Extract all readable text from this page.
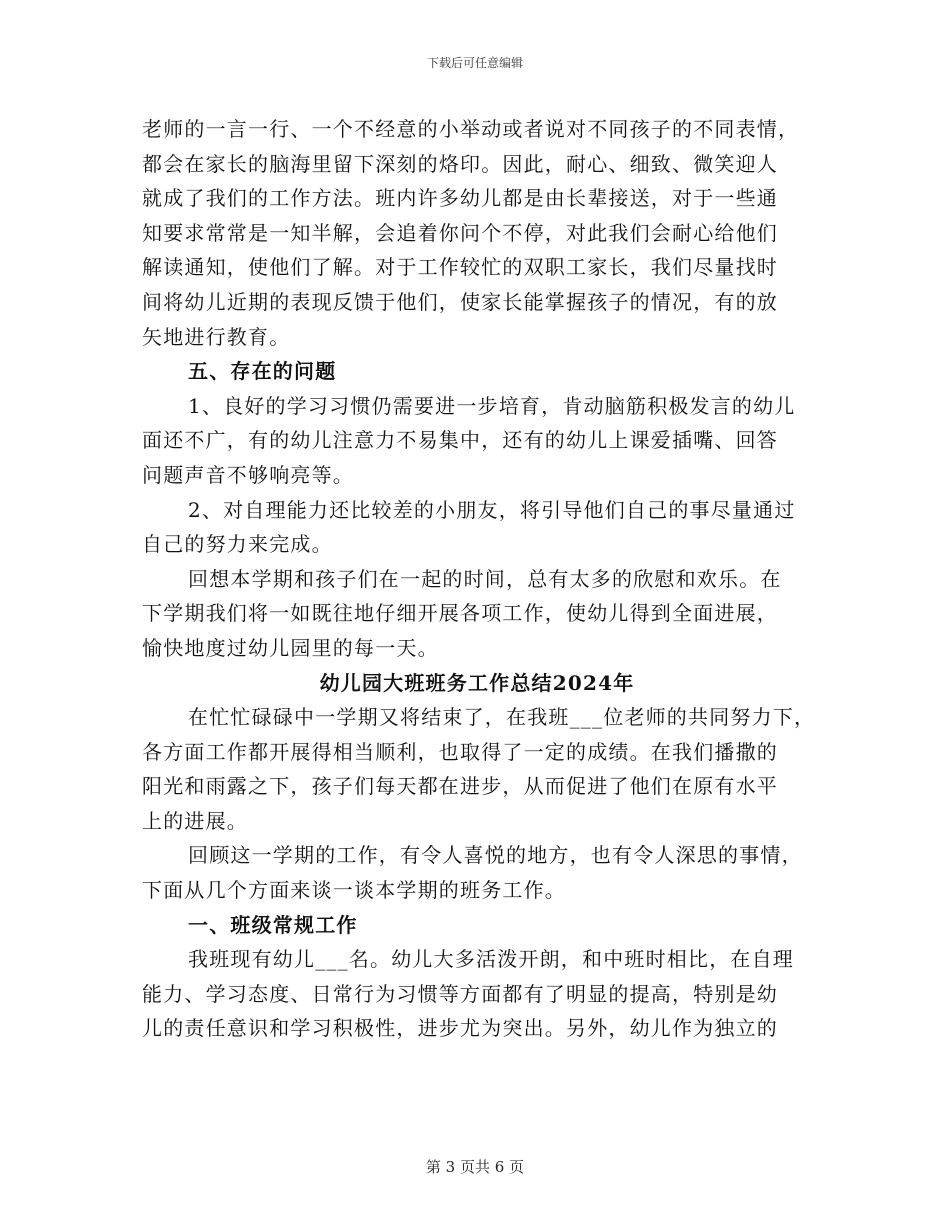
下载后可任意编辑
老师的一言一行、一个不经意的小举动或者说对不同孩子的不同表情，
都会在家长的脑海里留下深刻的烙印。因此，耐心、细致、微笑迎人
就成了我们的工作方法。班内许多幼儿都是由长辈接送，对于一些通
知要求常常是一知半解，会追着你问个不停，对此我们会耐心给他们
解读通知，使他们了解。对于工作较忙的双职工家长，我们尽量找时
间将幼儿近期的表现反馈于他们，使家长能掌握孩子的情况，有的放
矢地进行教育。
五、存在的问题
1、良好的学习习惯仍需要进一步培育，肯动脑筋积极发言的幼儿
面还不广，有的幼儿注意力不易集中，还有的幼儿上课爱插嘴、回答
问题声音不够响亮等。
2、对自理能力还比较差的小朋友，将引导他们自己的事尽量通过
自己的努力来完成。
回想本学期和孩子们在一起的时间，总有太多的欣慰和欢乐。在
下学期我们将一如既往地仔细开展各项工作，使幼儿得到全面进展，
愉快地度过幼儿园里的每一天。
幼儿园大班班务工作总结2024年
在忙忙碌碌中一学期又将结束了，在我班___位老师的共同努力下，
各方面工作都开展得相当顺利，也取得了一定的成绩。在我们播撒的
阳光和雨露之下，孩子们每天都在进步，从而促进了他们在原有水平
上的进展。
回顾这一学期的工作，有令人喜悦的地方，也有令人深思的事情，
下面从几个方面来谈一谈本学期的班务工作。
一、班级常规工作
我班现有幼儿___名。幼儿大多活泼开朗，和中班时相比，在自理
能力、学习态度、日常行为习惯等方面都有了明显的提高，特别是幼
儿的责任意识和学习积极性，进步尤为突出。另外，幼儿作为独立的
第 3 页共 6 页
